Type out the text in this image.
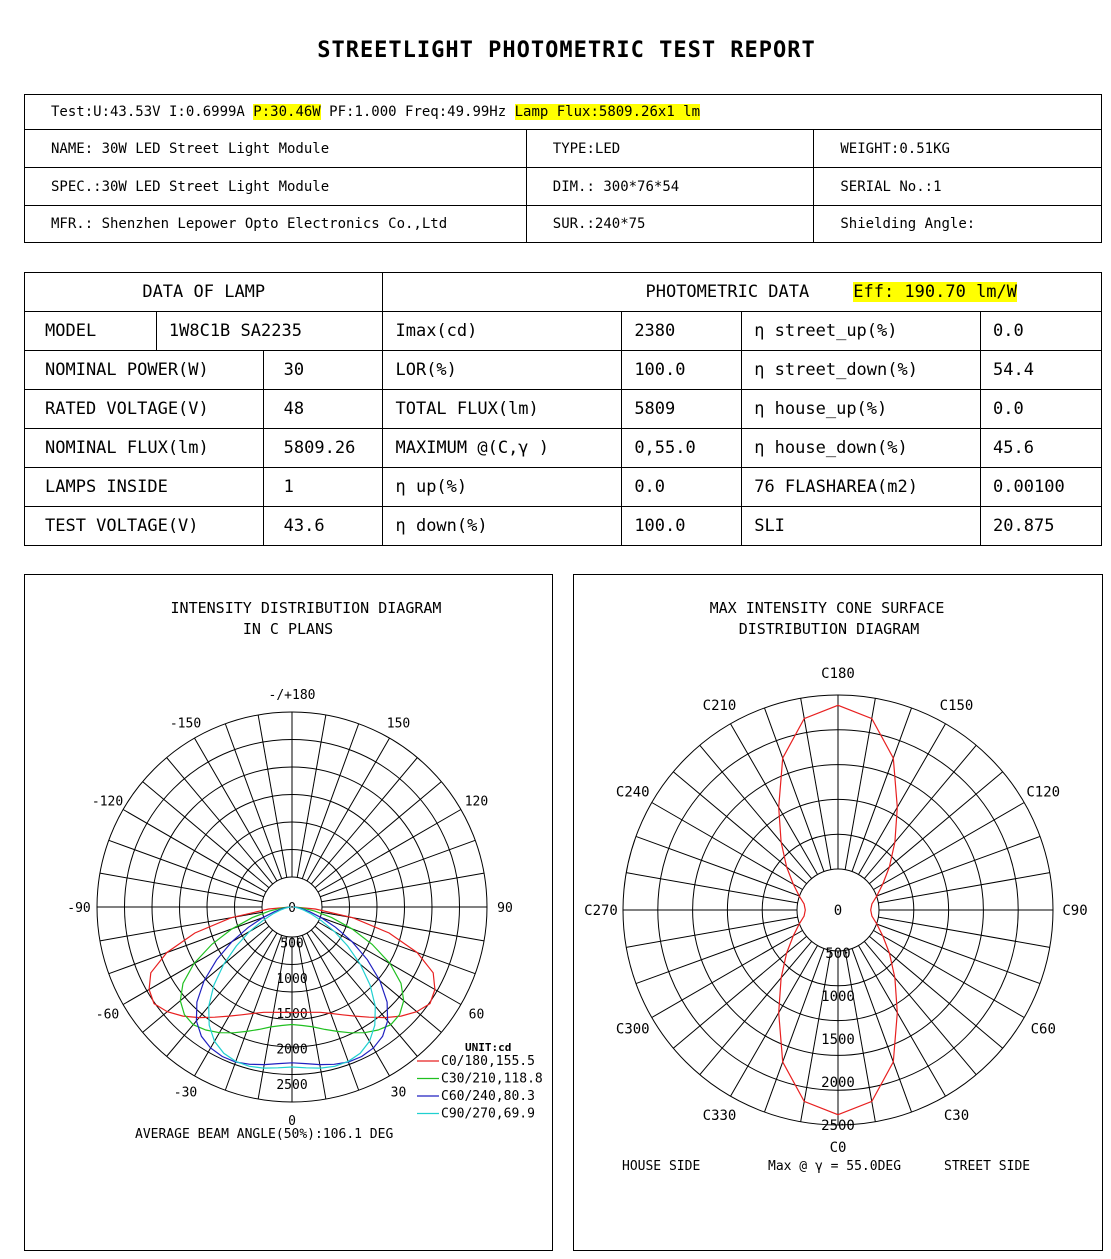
STREETLIGHT PHOTOMETRIC TEST REPORT
Test:U:43.53V I:0.6999A P:30.46W PF:1.000 Freq:49.99Hz Lamp Flux:5809.26x1 lm		
NAME: 30W LED Street Light Module	TYPE:LED	WEIGHT:0.51KG
SPEC.:30W LED Street Light Module	DIM.: 300*76*54	SERIAL No.:1
MFR.: Shenzhen Lepower Opto Electronics Co.,Ltd	SUR.:240*75	Shielding Angle:
DATA OF LAMP			PHOTOMETRIC DATA Eff: 190.70 lm/W			
MODEL	1W8C1B SA2235		Imax(cd)	2380	η street_up(%)	0.0
NOMINAL POWER(W)		30	LOR(%)	100.0	η street_down(%)	54.4
RATED VOLTAGE(V)		48	TOTAL FLUX(lm)	5809	η house_up(%)	0.0
NOMINAL FLUX(lm)		5809.26	MAXIMUM @(C,γ )	0,55.0	η house_down(%)	45.6
LAMPS INSIDE		1	η up(%)	0.0	76 FLASHAREA(m2)	0.00100
TEST VOLTAGE(V)		43.6	η down(%)	100.0	SLI	20.875
INTENSITY DISTRIBUTION DIAGRAM
IN C PLANS
-/+180
150
120
90
60
30
0
-30
-60
-90
-120
-150
0
500
1000
1500
2000
2500
UNIT:cd
C0/180,155.5
C30/210,118.8
C60/240,80.3
C90/270,69.9
AVERAGE BEAM ANGLE(50%):106.1 DEG
MAX INTENSITY CONE SURFACE
DISTRIBUTION DIAGRAM
C180
C150
C120
C90
C60
C30
C0
C330
C300
C270
C240
C210
0
500
1000
1500
2000
2500
HOUSE SIDE	Max @ γ = 55.0DEG	STREET SIDE
